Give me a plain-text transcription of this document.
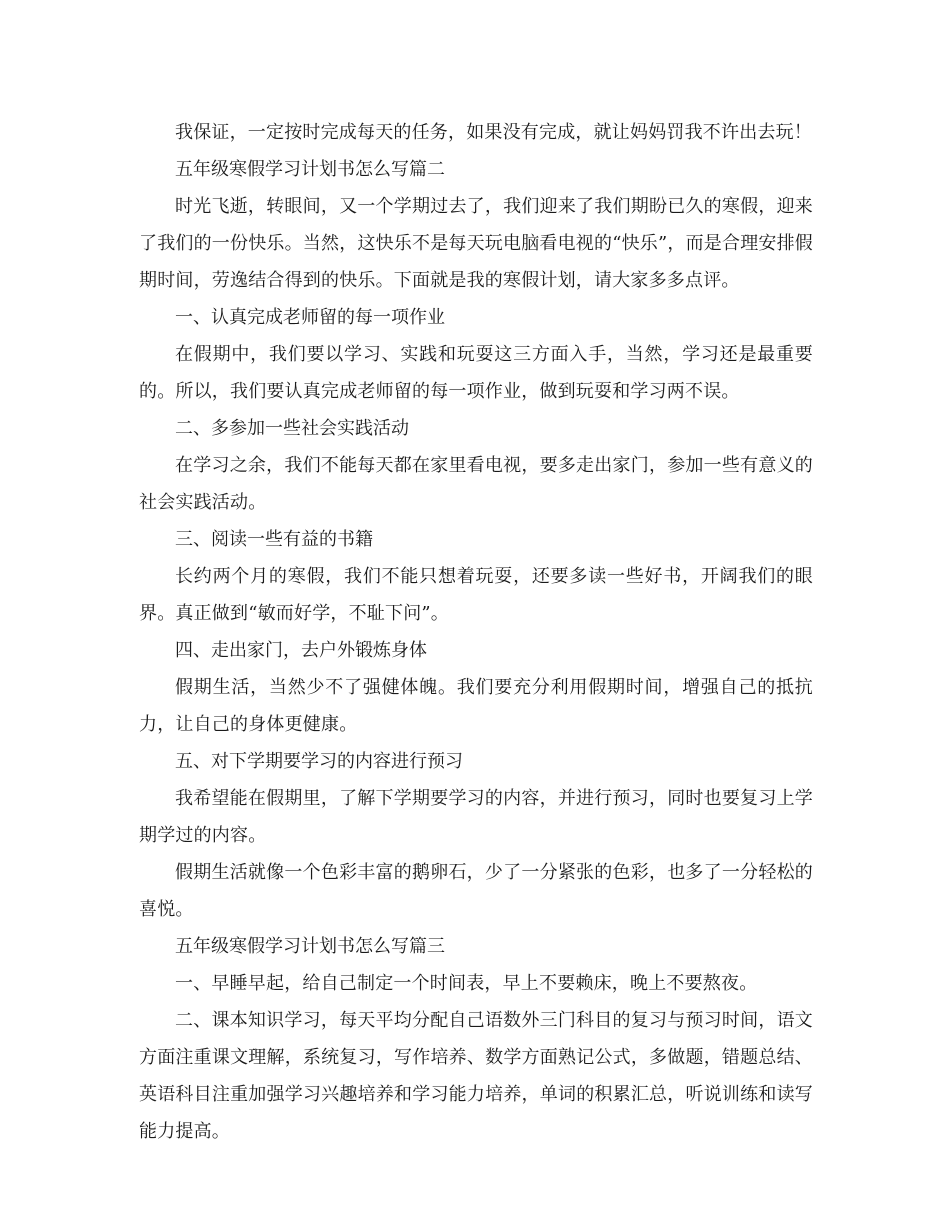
我保证，一定按时完成每天的任务，如果没有完成，就让妈妈罚我不许出去玩！

五年级寒假学习计划书怎么写篇二

时光飞逝，转眼间，又一个学期过去了，我们迎来了我们期盼已久的寒假，迎来了我们的一份快乐。当然，这快乐不是每天玩电脑看电视的“快乐”，而是合理安排假期时间，劳逸结合得到的快乐。下面就是我的寒假计划，请大家多多点评。

一、认真完成老师留的每一项作业

在假期中，我们要以学习、实践和玩耍这三方面入手，当然，学习还是最重要的。所以，我们要认真完成老师留的每一项作业，做到玩耍和学习两不误。

二、多参加一些社会实践活动

在学习之余，我们不能每天都在家里看电视，要多走出家门，参加一些有意义的社会实践活动。

三、阅读一些有益的书籍

长约两个月的寒假，我们不能只想着玩耍，还要多读一些好书，开阔我们的眼界。真正做到“敏而好学，不耻下问”。

四、走出家门，去户外锻炼身体

假期生活，当然少不了强健体魄。我们要充分利用假期时间，增强自己的抵抗力，让自己的身体更健康。

五、对下学期要学习的内容进行预习

我希望能在假期里，了解下学期要学习的内容，并进行预习，同时也要复习上学期学过的内容。

假期生活就像一个色彩丰富的鹅卵石，少了一分紧张的色彩，也多了一分轻松的喜悦。

五年级寒假学习计划书怎么写篇三

一、早睡早起，给自己制定一个时间表，早上不要赖床，晚上不要熬夜。

二、课本知识学习，每天平均分配自己语数外三门科目的复习与预习时间，语文方面注重课文理解，系统复习，写作培养、数学方面熟记公式，多做题，错题总结、英语科目注重加强学习兴趣培养和学习能力培养，单词的积累汇总，听说训练和读写能力提高。
